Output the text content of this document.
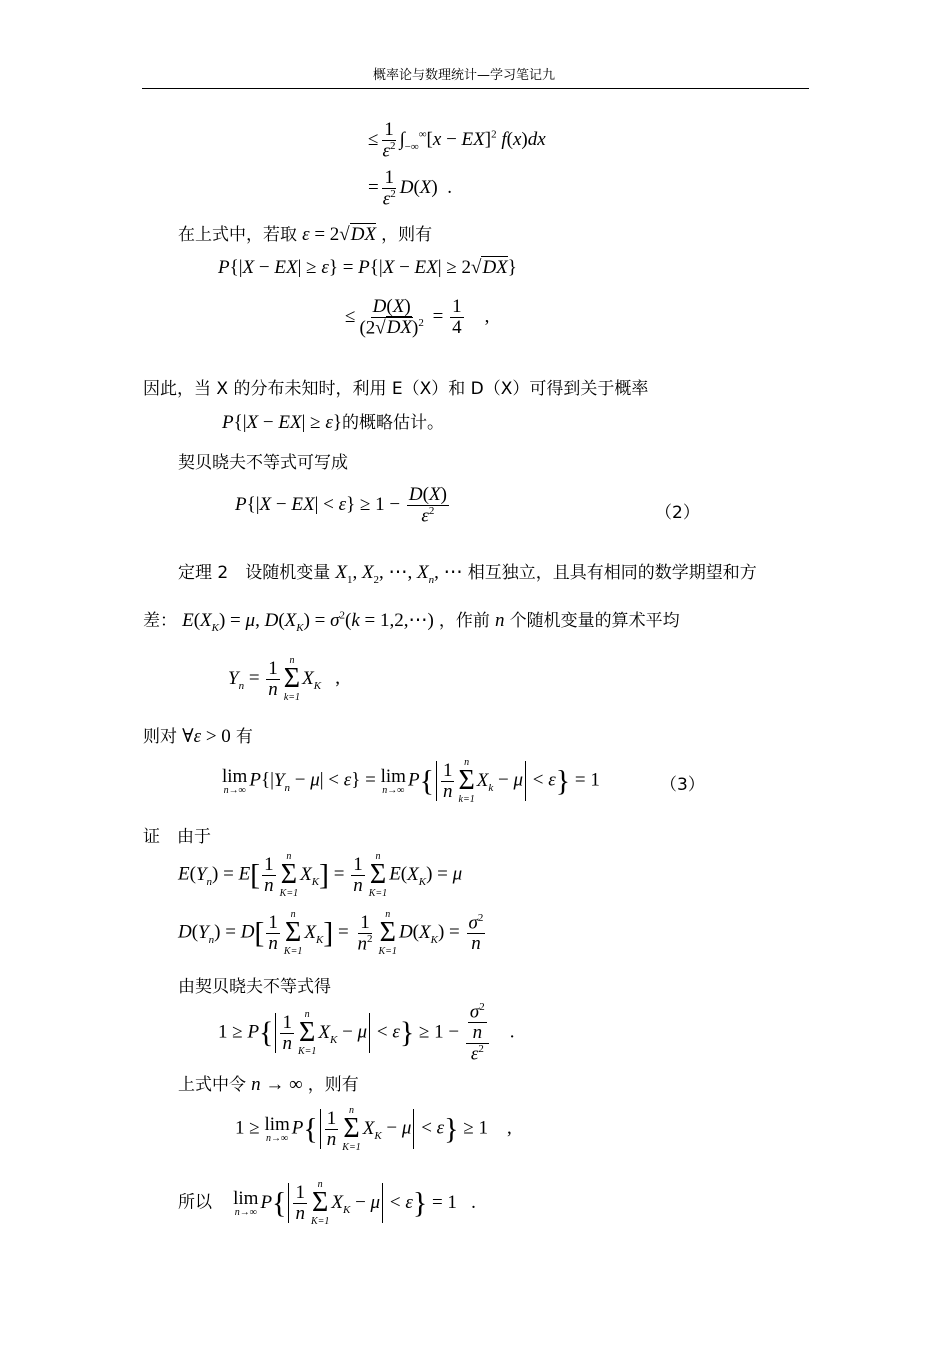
概率论与数理统计—学习笔记九
≤ $\frac{1}{\varepsilon^2} \int_{-\infty}^\infty[x - EX]^2$ f(x)dx
= $\frac{1}{\varepsilon^2} D(X)$  .
在上式中，若取 ε = 2√DX ，则有
P{|X − EX| ≥ ε} = P{|X − EX| ≥ 2√DX}
≤ $\frac{D(X)}{(2√DX)^2} = \frac{1}{4}$ ,
因此，当 X 的分布未知时，利用 E（X）和 D（X）可得到关于概率
P{|X − EX| ≥ ε}的概略估计。
契贝晓夫不等式可写成
$P\{|X - EX| < \varepsilon\} \ge 1 - \frac{D(X)}{\varepsilon^2}$	（2）
定理 2　设随机变量 $X_1$, $X_2$, ⋯, $X_n$, ⋯ 相互独立，且具有相同的数学期望和方
差： $E(X_K) = \mu$, $D(X_K) = \sigma^2(k$ = 1,2,⋯) ，作前 n 个随机变量的算术平均
$Y_n = \frac{1}{n}$ n
Σ
k=1
$X_K$   ,
则对 ∀ε > 0 有
lim
n→∞ $P\{|Y_n - \mu| < \varepsilon\} = \lim$
n→∞ $P\{ \frac{1}{n}$ n
Σ
k=1
$X_k - \mu < \varepsilon\} = 1$	（3）
证　由于
$E(Y_n) = E[ \frac{1}{n}$ n
Σ
K=1
$X_K] = \frac{1}{n}$ n
Σ
K=1
$E(X_K) = \mu$
$D(Y_n) = D[ \frac{1}{n}$ n
Σ
K=1
$X_K] = \frac{1}{n^2}$ n
Σ
K=1
$D(X_K) = \frac{\sigma^2}{n}$
由契贝晓夫不等式得
$1 \ge P\{ \frac{1}{n}$ n
Σ
K=1
$X_K - \mu < \varepsilon\} \ge 1 - \frac{\frac{\sigma^2}{n}}{\varepsilon^2}$ .
上式中令 n → ∞ ，则有
1 ≥ lim
n→∞ $P\{ \frac{1}{n}$ n
Σ
K=1
$X_K - \mu < \varepsilon\} \ge 1$    ,
所以 lim
n→∞ $P\{ \frac{1}{n}$ n
Σ
K=1
$X_K - \mu < \varepsilon\} = 1$   .
